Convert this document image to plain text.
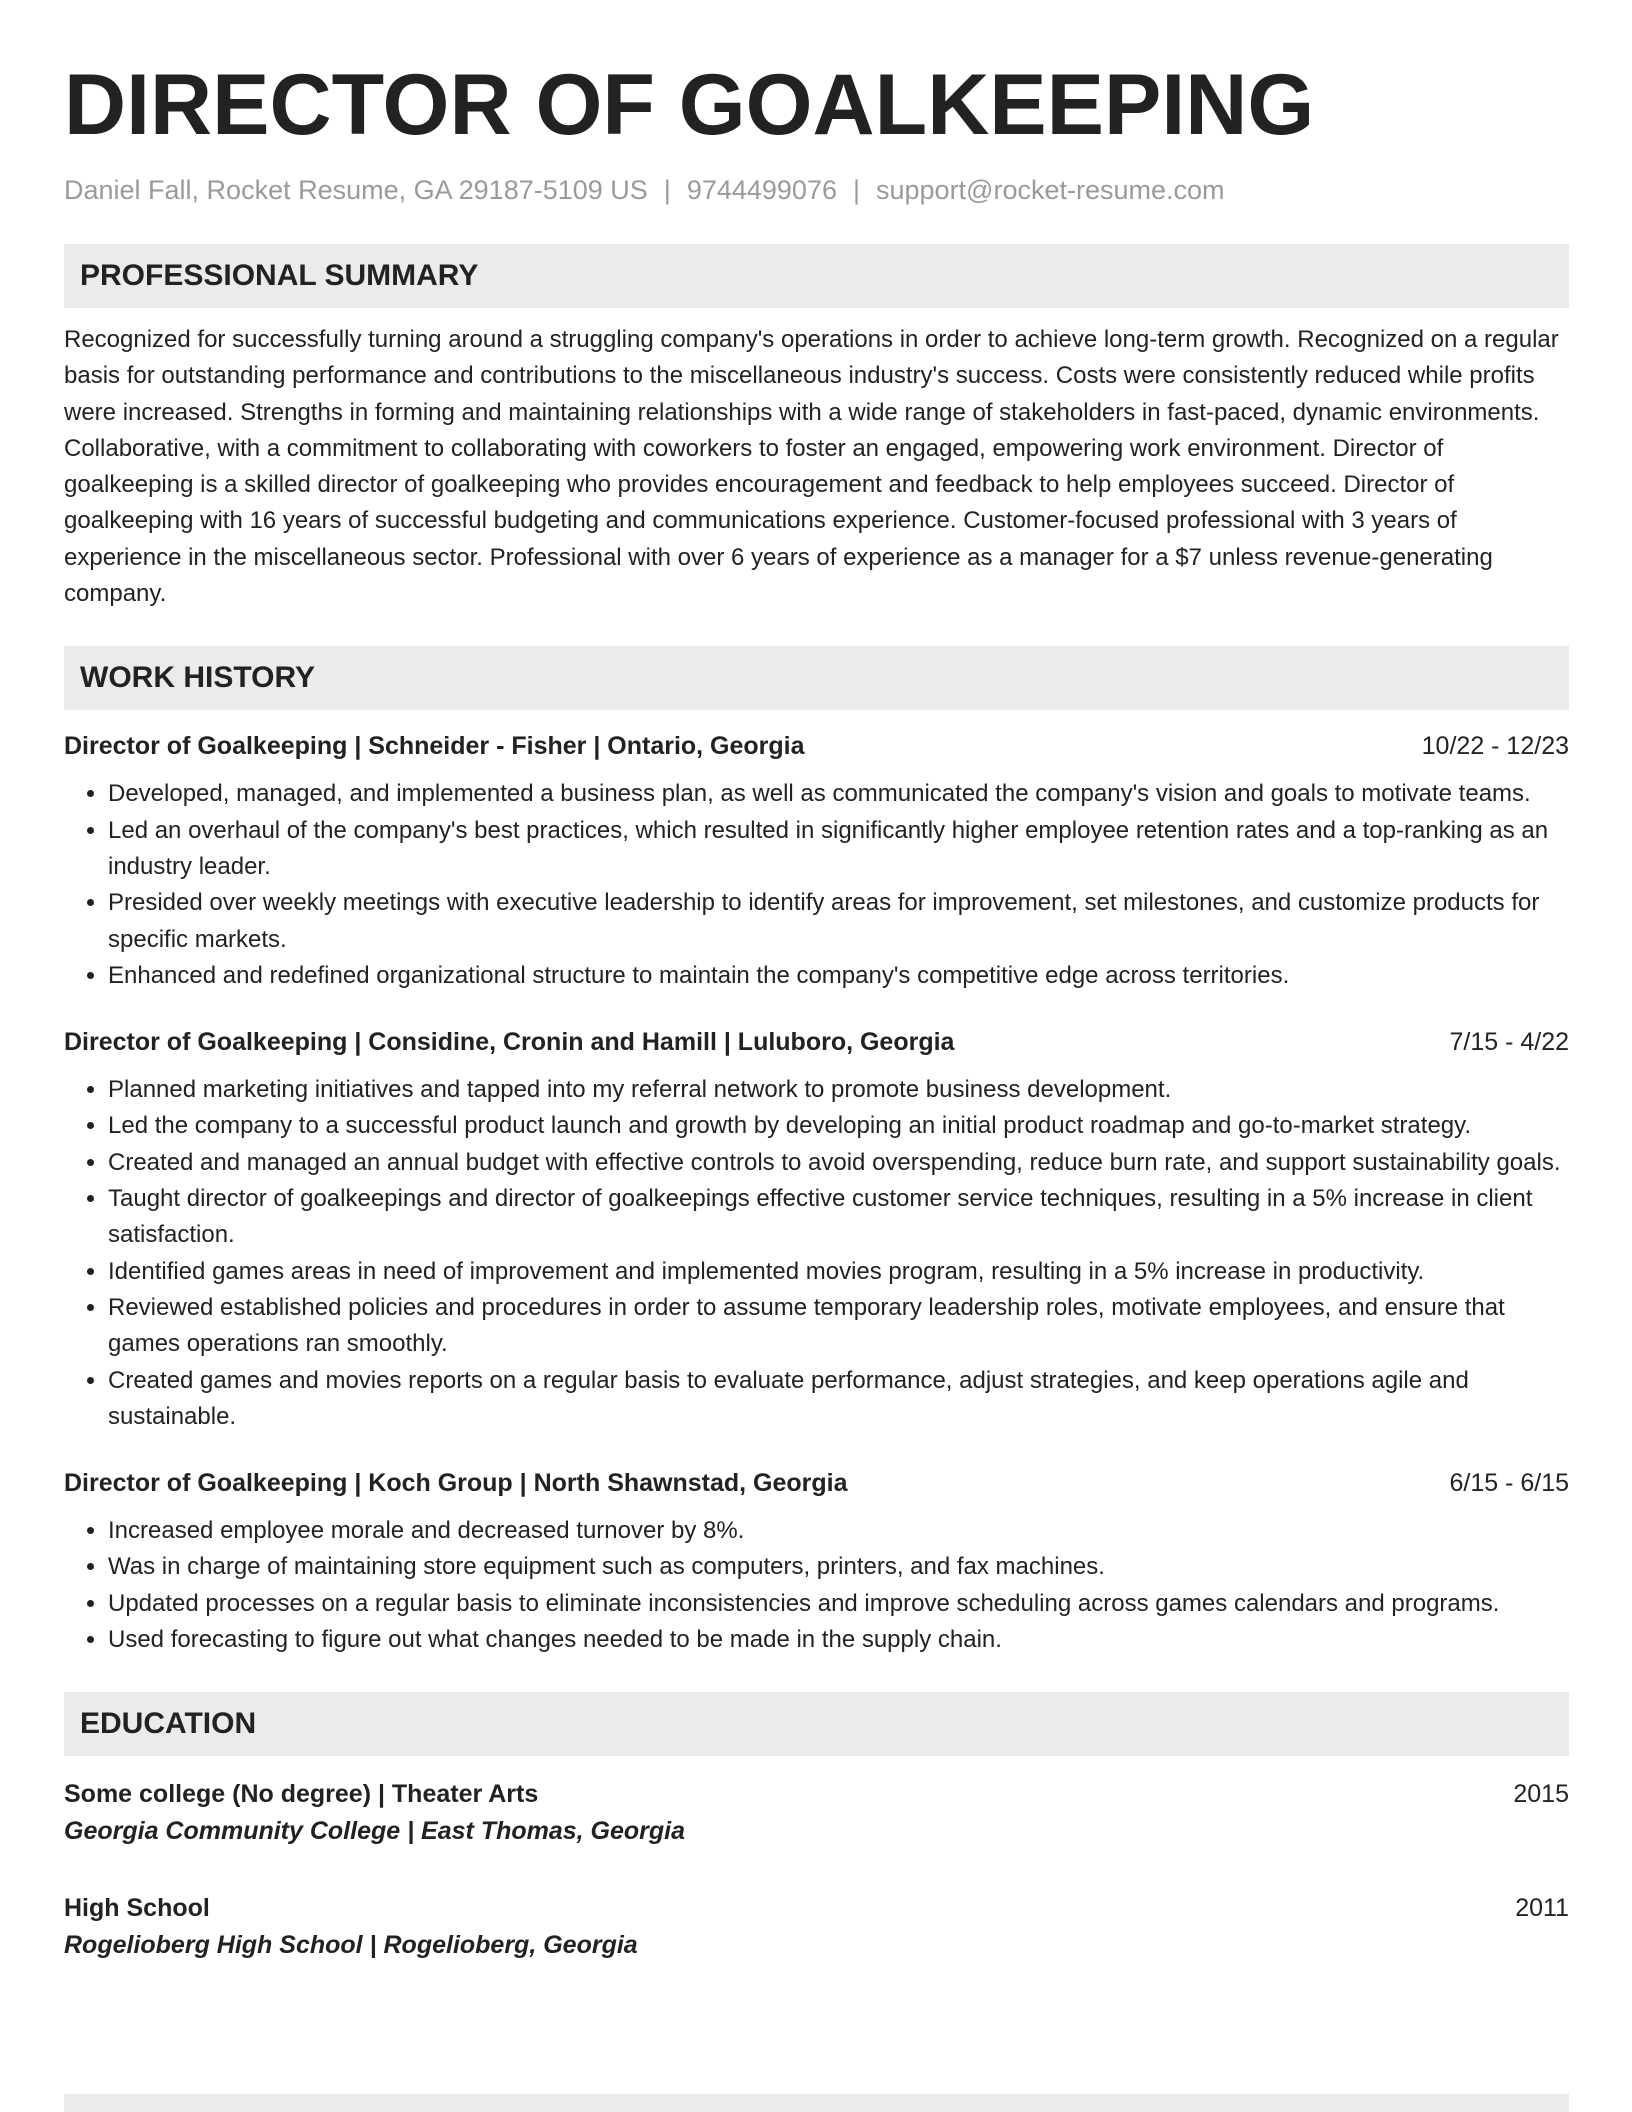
DIRECTOR OF GOALKEEPING
Daniel Fall, Rocket Resume, GA 29187-5109 US | 9744499076 | support@rocket-resume.com
PROFESSIONAL SUMMARY
Recognized for successfully turning around a struggling company's operations in order to achieve long-term growth. Recognized on a regular basis for outstanding performance and contributions to the miscellaneous industry's success. Costs were consistently reduced while profits were increased. Strengths in forming and maintaining relationships with a wide range of stakeholders in fast-paced, dynamic environments. Collaborative, with a commitment to collaborating with coworkers to foster an engaged, empowering work environment. Director of goalkeeping is a skilled director of goalkeeping who provides encouragement and feedback to help employees succeed. Director of goalkeeping with 16 years of successful budgeting and communications experience. Customer-focused professional with 3 years of experience in the miscellaneous sector. Professional with over 6 years of experience as a manager for a $7 unless revenue-generating company.
WORK HISTORY
Director of Goalkeeping | Schneider - Fisher | Ontario, Georgia	10/22 - 12/23
• Developed, managed, and implemented a business plan, as well as communicated the company's vision and goals to motivate teams.
• Led an overhaul of the company's best practices, which resulted in significantly higher employee retention rates and a top-ranking as an industry leader.
• Presided over weekly meetings with executive leadership to identify areas for improvement, set milestones, and customize products for specific markets.
• Enhanced and redefined organizational structure to maintain the company's competitive edge across territories.
Director of Goalkeeping | Considine, Cronin and Hamill | Luluboro, Georgia	7/15 - 4/22
• Planned marketing initiatives and tapped into my referral network to promote business development.
• Led the company to a successful product launch and growth by developing an initial product roadmap and go-to-market strategy.
• Created and managed an annual budget with effective controls to avoid overspending, reduce burn rate, and support sustainability goals.
• Taught director of goalkeepings and director of goalkeepings effective customer service techniques, resulting in a 5% increase in client satisfaction.
• Identified games areas in need of improvement and implemented movies program, resulting in a 5% increase in productivity.
• Reviewed established policies and procedures in order to assume temporary leadership roles, motivate employees, and ensure that games operations ran smoothly.
• Created games and movies reports on a regular basis to evaluate performance, adjust strategies, and keep operations agile and sustainable.
Director of Goalkeeping | Koch Group | North Shawnstad, Georgia	6/15 - 6/15
• Increased employee morale and decreased turnover by 8%.
• Was in charge of maintaining store equipment such as computers, printers, and fax machines.
• Updated processes on a regular basis to eliminate inconsistencies and improve scheduling across games calendars and programs.
• Used forecasting to figure out what changes needed to be made in the supply chain.
EDUCATION
Some college (No degree) | Theater Arts	2015
Georgia Community College | East Thomas, Georgia
High School	2011
Rogelioberg High School | Rogelioberg, Georgia
